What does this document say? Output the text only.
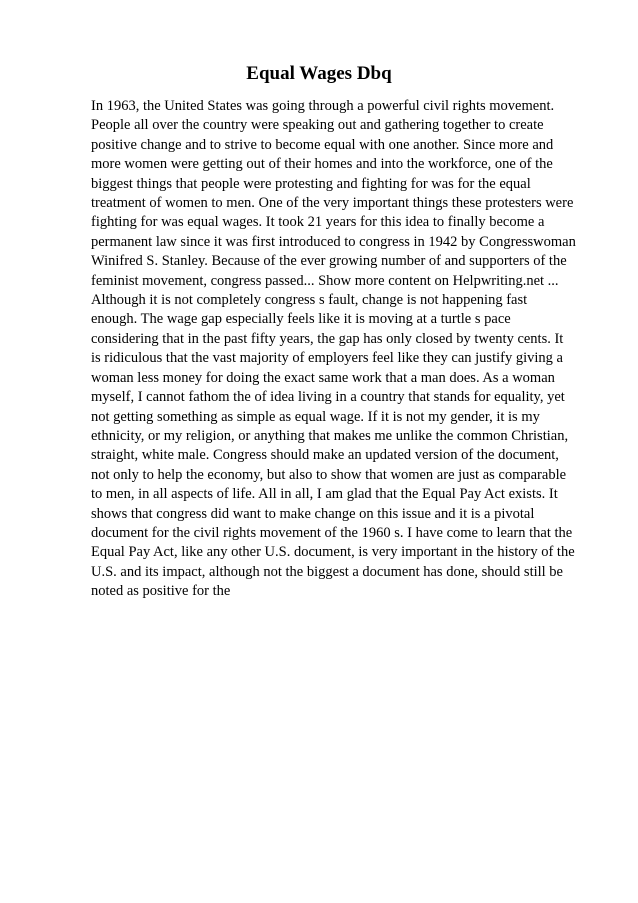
Equal Wages Dbq
In 1963, the United States was going through a powerful civil rights movement.
People all over the country were speaking out and gathering together to create
positive change and to strive to become equal with one another. Since more and
more women were getting out of their homes and into the workforce, one of the
biggest things that people were protesting and fighting for was for the equal
treatment of women to men. One of the very important things these protesters were
fighting for was equal wages. It took 21 years for this idea to finally become a
permanent law since it was first introduced to congress in 1942 by Congresswoman
Winifred S. Stanley. Because of the ever growing number of and supporters of the
feminist movement, congress passed... Show more content on Helpwriting.net ...
Although it is not completely congress s fault, change is not happening fast
enough. The wage gap especially feels like it is moving at a turtle s pace
considering that in the past fifty years, the gap has only closed by twenty cents. It
is ridiculous that the vast majority of employers feel like they can justify giving a
woman less money for doing the exact same work that a man does. As a woman
myself, I cannot fathom the of idea living in a country that stands for equality, yet
not getting something as simple as equal wage. If it is not my gender, it is my
ethnicity, or my religion, or anything that makes me unlike the common Christian,
straight, white male. Congress should make an updated version of the document,
not only to help the economy, but also to show that women are just as comparable
to men, in all aspects of life. All in all, I am glad that the Equal Pay Act exists. It
shows that congress did want to make change on this issue and it is a pivotal
document for the civil rights movement of the 1960 s. I have come to learn that the
Equal Pay Act, like any other U.S. document, is very important in the history of the
U.S. and its impact, although not the biggest a document has done, should still be
noted as positive for the
